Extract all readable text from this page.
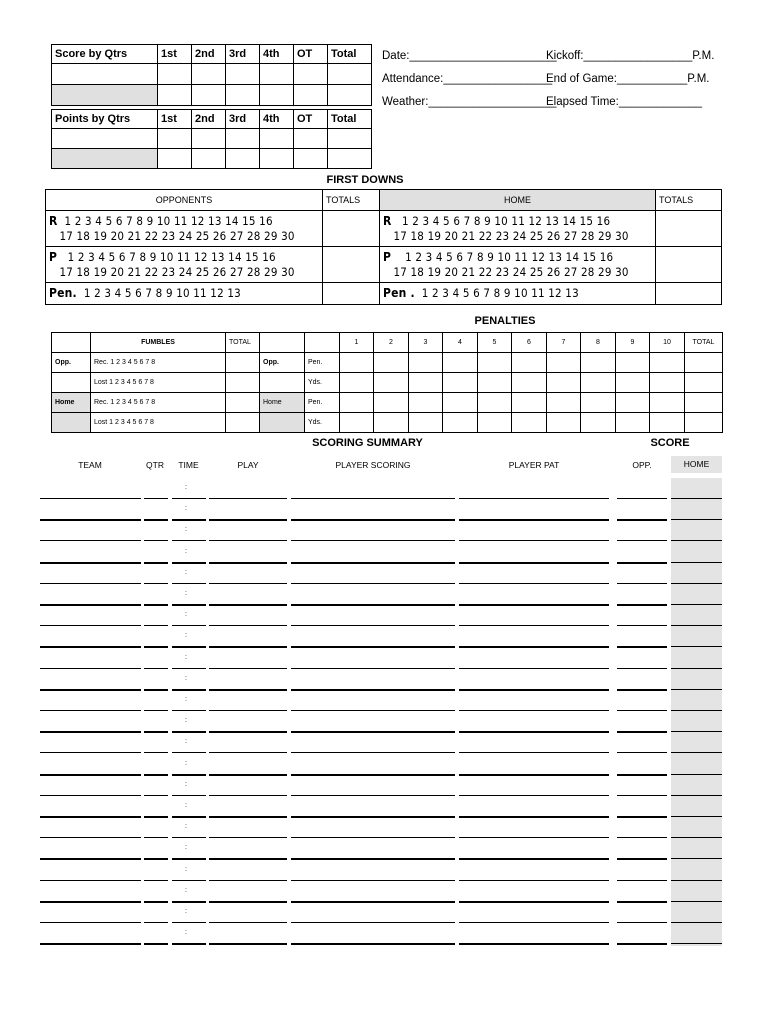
Score by Qtrs	1st	2nd	3rd	4th	OT	Total

Points by Qtrs	1st	2nd	3rd	4th	OT	Total

Date:_______________________
Attendance:_________________
Weather:____________________
Kickoff:_________________P.M.
End of Game:___________P.M.
Elapsed Time:_____________
FIRST DOWNS
OPPONENTS	TOTALS	HOME	TOTALS
R 1 2 3 4 5 6 7 8 9 10 11 12 13 14 15 16
17 18 19 20 21 22 23 24 25 26 27 28 29 30		R 1 2 3 4 5 6 7 8 9 10 11 12 13 14 15 16
17 18 19 20 21 22 23 24 25 26 27 28 29 30	
P 1 2 3 4 5 6 7 8 9 10 11 12 13 14 15 16
17 18 19 20 21 22 23 24 25 26 27 28 29 30		P 1 2 3 4 5 6 7 8 9 10 11 12 13 14 15 16
17 18 19 20 21 22 23 24 25 26 27 28 29 30	
Pen. 1 2 3 4 5 6 7 8 9 10 11 12 13		Pen . 1 2 3 4 5 6 7 8 9 10 11 12 13	
PENALTIES
	FUMBLES	TOTAL			1	2	3	4	5	6	7	8	9	10	TOTAL
Opp.	Rec. 1 2 3 4 5 6 7 8		Opp.	Pen.											
	Lost 1 2 3 4 5 6 7 8			Yds.											
Home	Rec. 1 2 3 4 5 6 7 8		Home	Pen.											
	Lost 1 2 3 4 5 6 7 8			Yds.											
SCORING SUMMARY	SCORE
TEAM	QTR	TIME	PLAY	PLAYER SCORING	PLAYER PAT	OPP.	HOME
:
:
:
:
:
:
:
:
:
:
:
:
:
:
:
:
:
:
:
:
:
:
